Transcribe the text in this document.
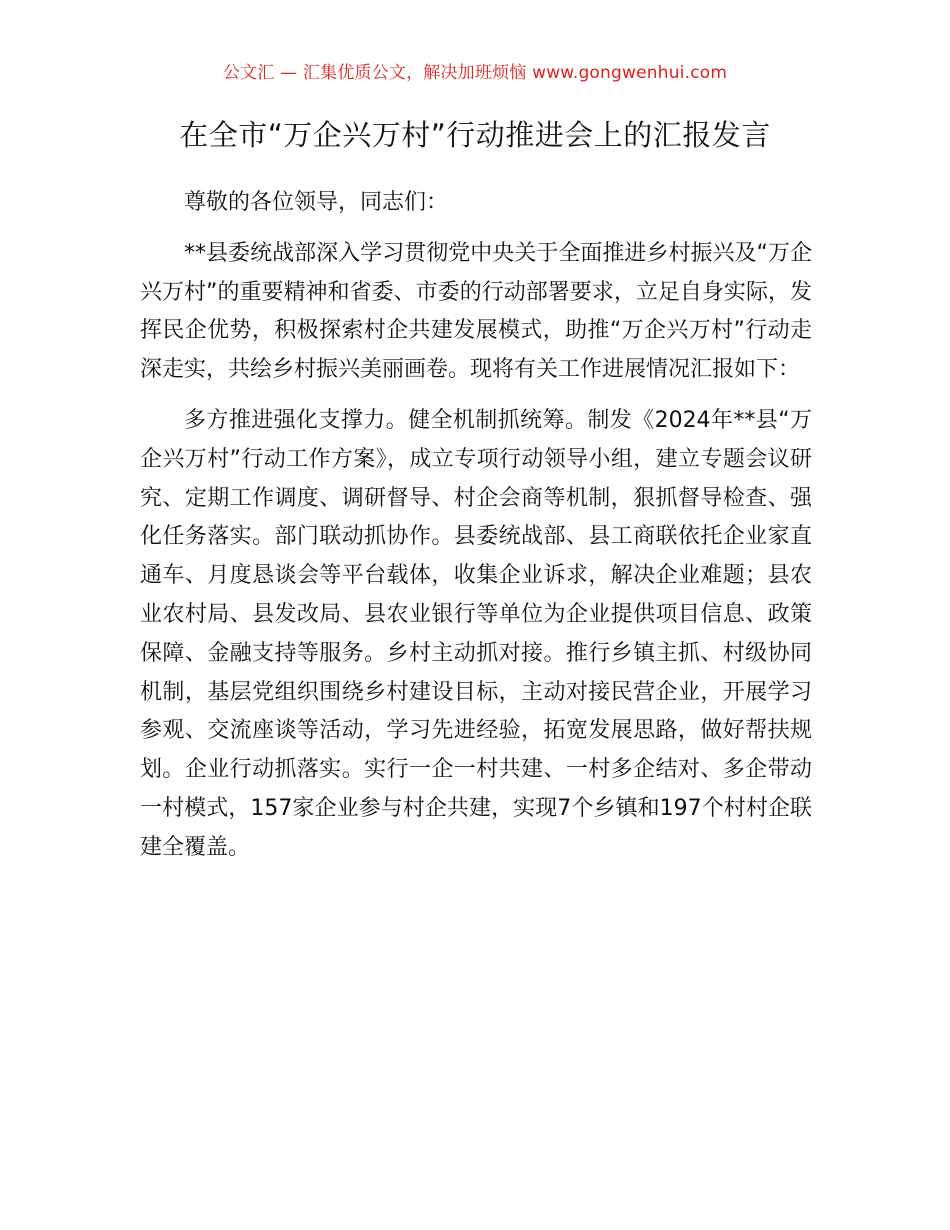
公文汇 — 汇集优质公文，解决加班烦恼 www.gongwenhui.com
在全市“万企兴万村”行动推进会上的汇报发言

尊敬的各位领导，同志们：

**县委统战部深入学习贯彻党中央关于全面推进乡村振兴及“万企兴万村”的重要精神和省委、市委的行动部署要求，立足自身实际，发挥民企优势，积极探索村企共建发展模式，助推“万企兴万村”行动走深走实，共绘乡村振兴美丽画卷。现将有关工作进展情况汇报如下：

多方推进强化支撑力。健全机制抓统筹。制发《2024年**县“万企兴万村”行动工作方案》，成立专项行动领导小组，建立专题会议研究、定期工作调度、调研督导、村企会商等机制，狠抓督导检查、强化任务落实。部门联动抓协作。县委统战部、县工商联依托企业家直通车、月度恳谈会等平台载体，收集企业诉求，解决企业难题；县农业农村局、县发改局、县农业银行等单位为企业提供项目信息、政策保障、金融支持等服务。乡村主动抓对接。推行乡镇主抓、村级协同机制，基层党组织围绕乡村建设目标，主动对接民营企业，开展学习参观、交流座谈等活动，学习先进经验，拓宽发展思路，做好帮扶规划。企业行动抓落实。实行一企一村共建、一村多企结对、多企带动一村模式，157家企业参与村企共建，实现7个乡镇和197个村村企联建全覆盖。
